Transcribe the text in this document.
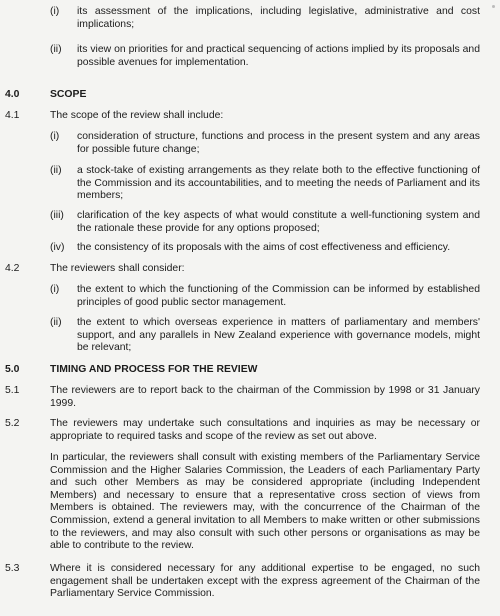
(i) its assessment of the implications, including legislative, administrative and cost implications;
(ii) its view on priorities for and practical sequencing of actions implied by its proposals and possible avenues for implementation.
4.0	SCOPE
4.1	The scope of the review shall include:
(i) consideration of structure, functions and process in the present system and any areas for possible future change;
(ii) a stock-take of existing arrangements as they relate both to the effective functioning of the Commission and its accountabilities, and to meeting the needs of Parliament and its members;
(iii) clarification of the key aspects of what would constitute a well-functioning system and the rationale these provide for any options proposed;
(iv) the consistency of its proposals with the aims of cost effectiveness and efficiency.
4.2	The reviewers shall consider:
(i) the extent to which the functioning of the Commission can be informed by established principles of good public sector management.
(ii) the extent to which overseas experience in matters of parliamentary and members' support, and any parallels in New Zealand experience with governance models, might be relevant;
5.0	TIMING AND PROCESS FOR THE REVIEW
5.1	The reviewers are to report back to the chairman of the Commission by 1998 or 31 January 1999.
5.2	The reviewers may undertake such consultations and inquiries as may be necessary or appropriate to required tasks and scope of the review as set out above.
In particular, the reviewers shall consult with existing members of the Parliamentary Service Commission and the Higher Salaries Commission, the Leaders of each Parliamentary Party and such other Members as may be considered appropriate (including Independent Members) and necessary to ensure that a representative cross section of views from Members is obtained. The reviewers may, with the concurrence of the Chairman of the Commission, extend a general invitation to all Members to make written or other submissions to the reviewers, and may also consult with such other persons or organisations as may be able to contribute to the review.
5.3	Where it is considered necessary for any additional expertise to be engaged, no such engagement shall be undertaken except with the express agreement of the Chairman of the Parliamentary Service Commission.
